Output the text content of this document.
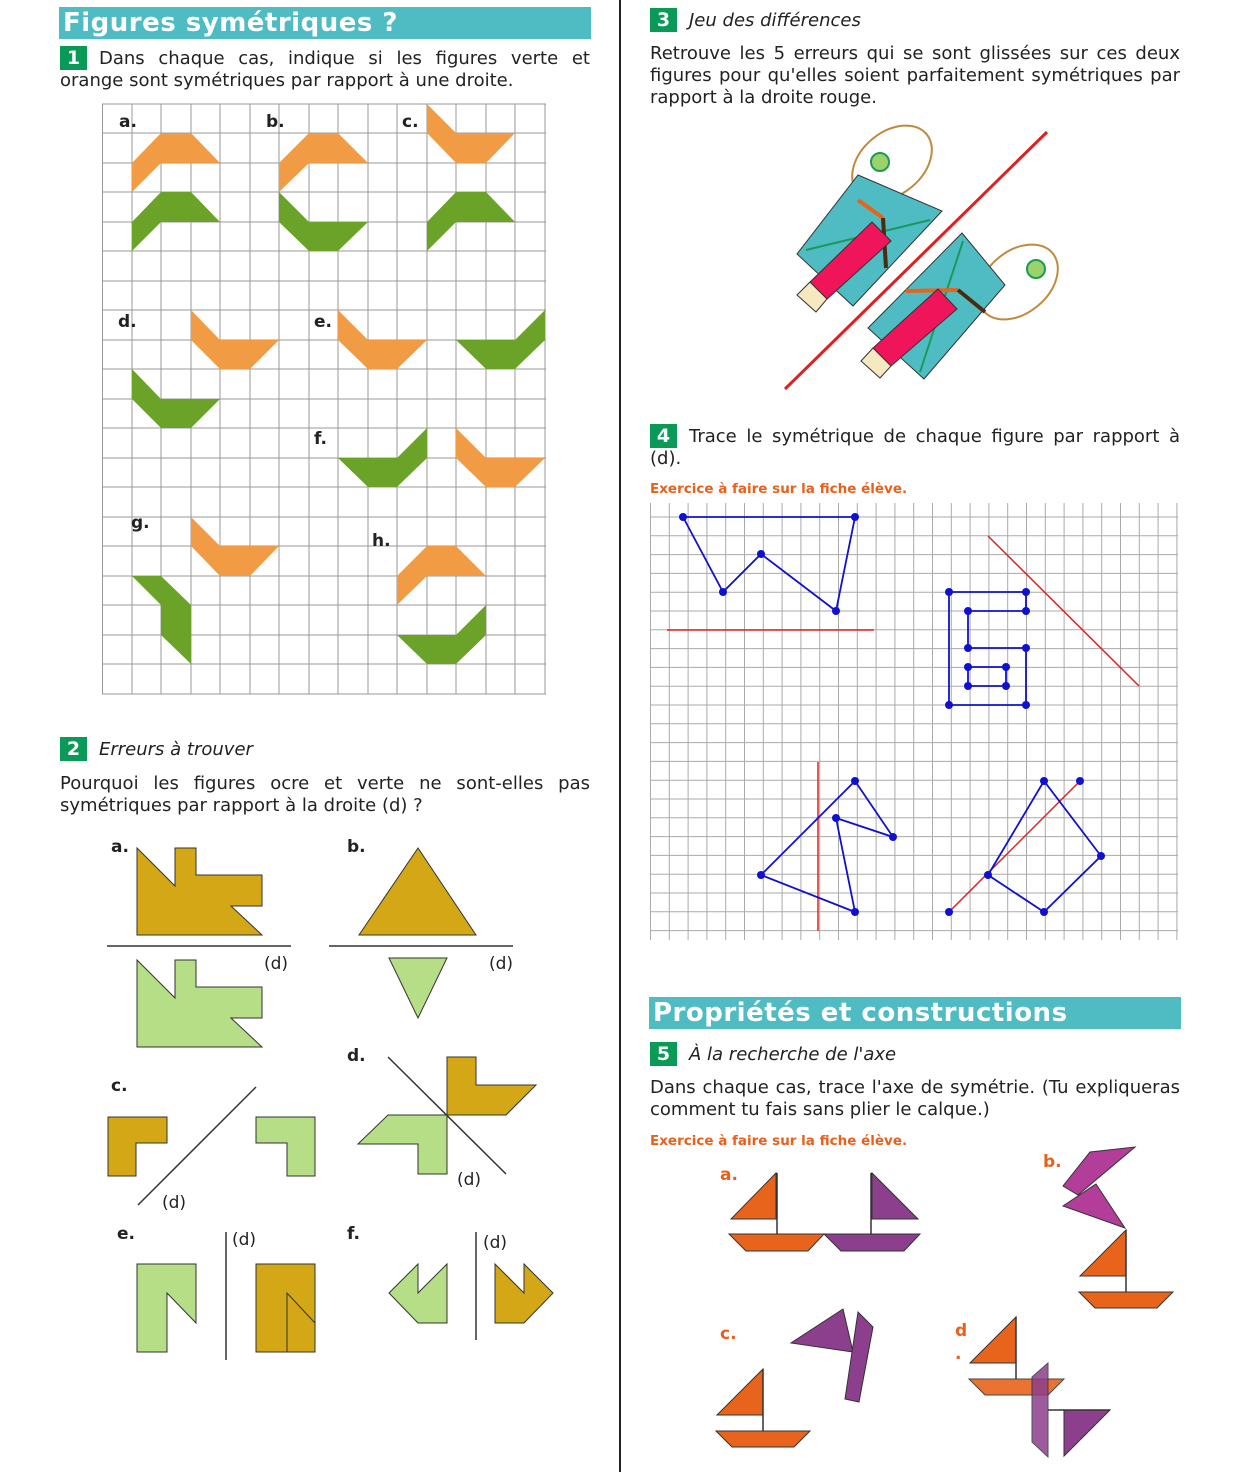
Figures symétriques ?
1 Dans chaque cas, indique si les figures verte et orange sont symétriques par rapport à une droite.
a.	b.	c.
d.	e.
f.
g.
h.
2 Erreurs à trouver
Pourquoi les figures ocre et verte ne sont-elles pas symétriques par rapport à la droite (d) ?
a.	b.
c.
d.
e.	f.
(d)	(d)
(d)
(d)
(d)	(d)
3 Jeu des différences
Retrouve les 5 erreurs qui se sont glissées sur ces deux figures pour qu'elles soient parfaitement symétriques par rapport à la droite rouge.
4 Trace le symétrique de chaque figure par rapport à (d).
Exercice à faire sur la fiche élève.
Propriétés et constructions
5 À la recherche de l'axe
Dans chaque cas, trace l'axe de symétrie. (Tu expliqueras comment tu fais sans plier le calque.)
Exercice à faire sur la fiche élève.
a.
b.
c.	d
.
